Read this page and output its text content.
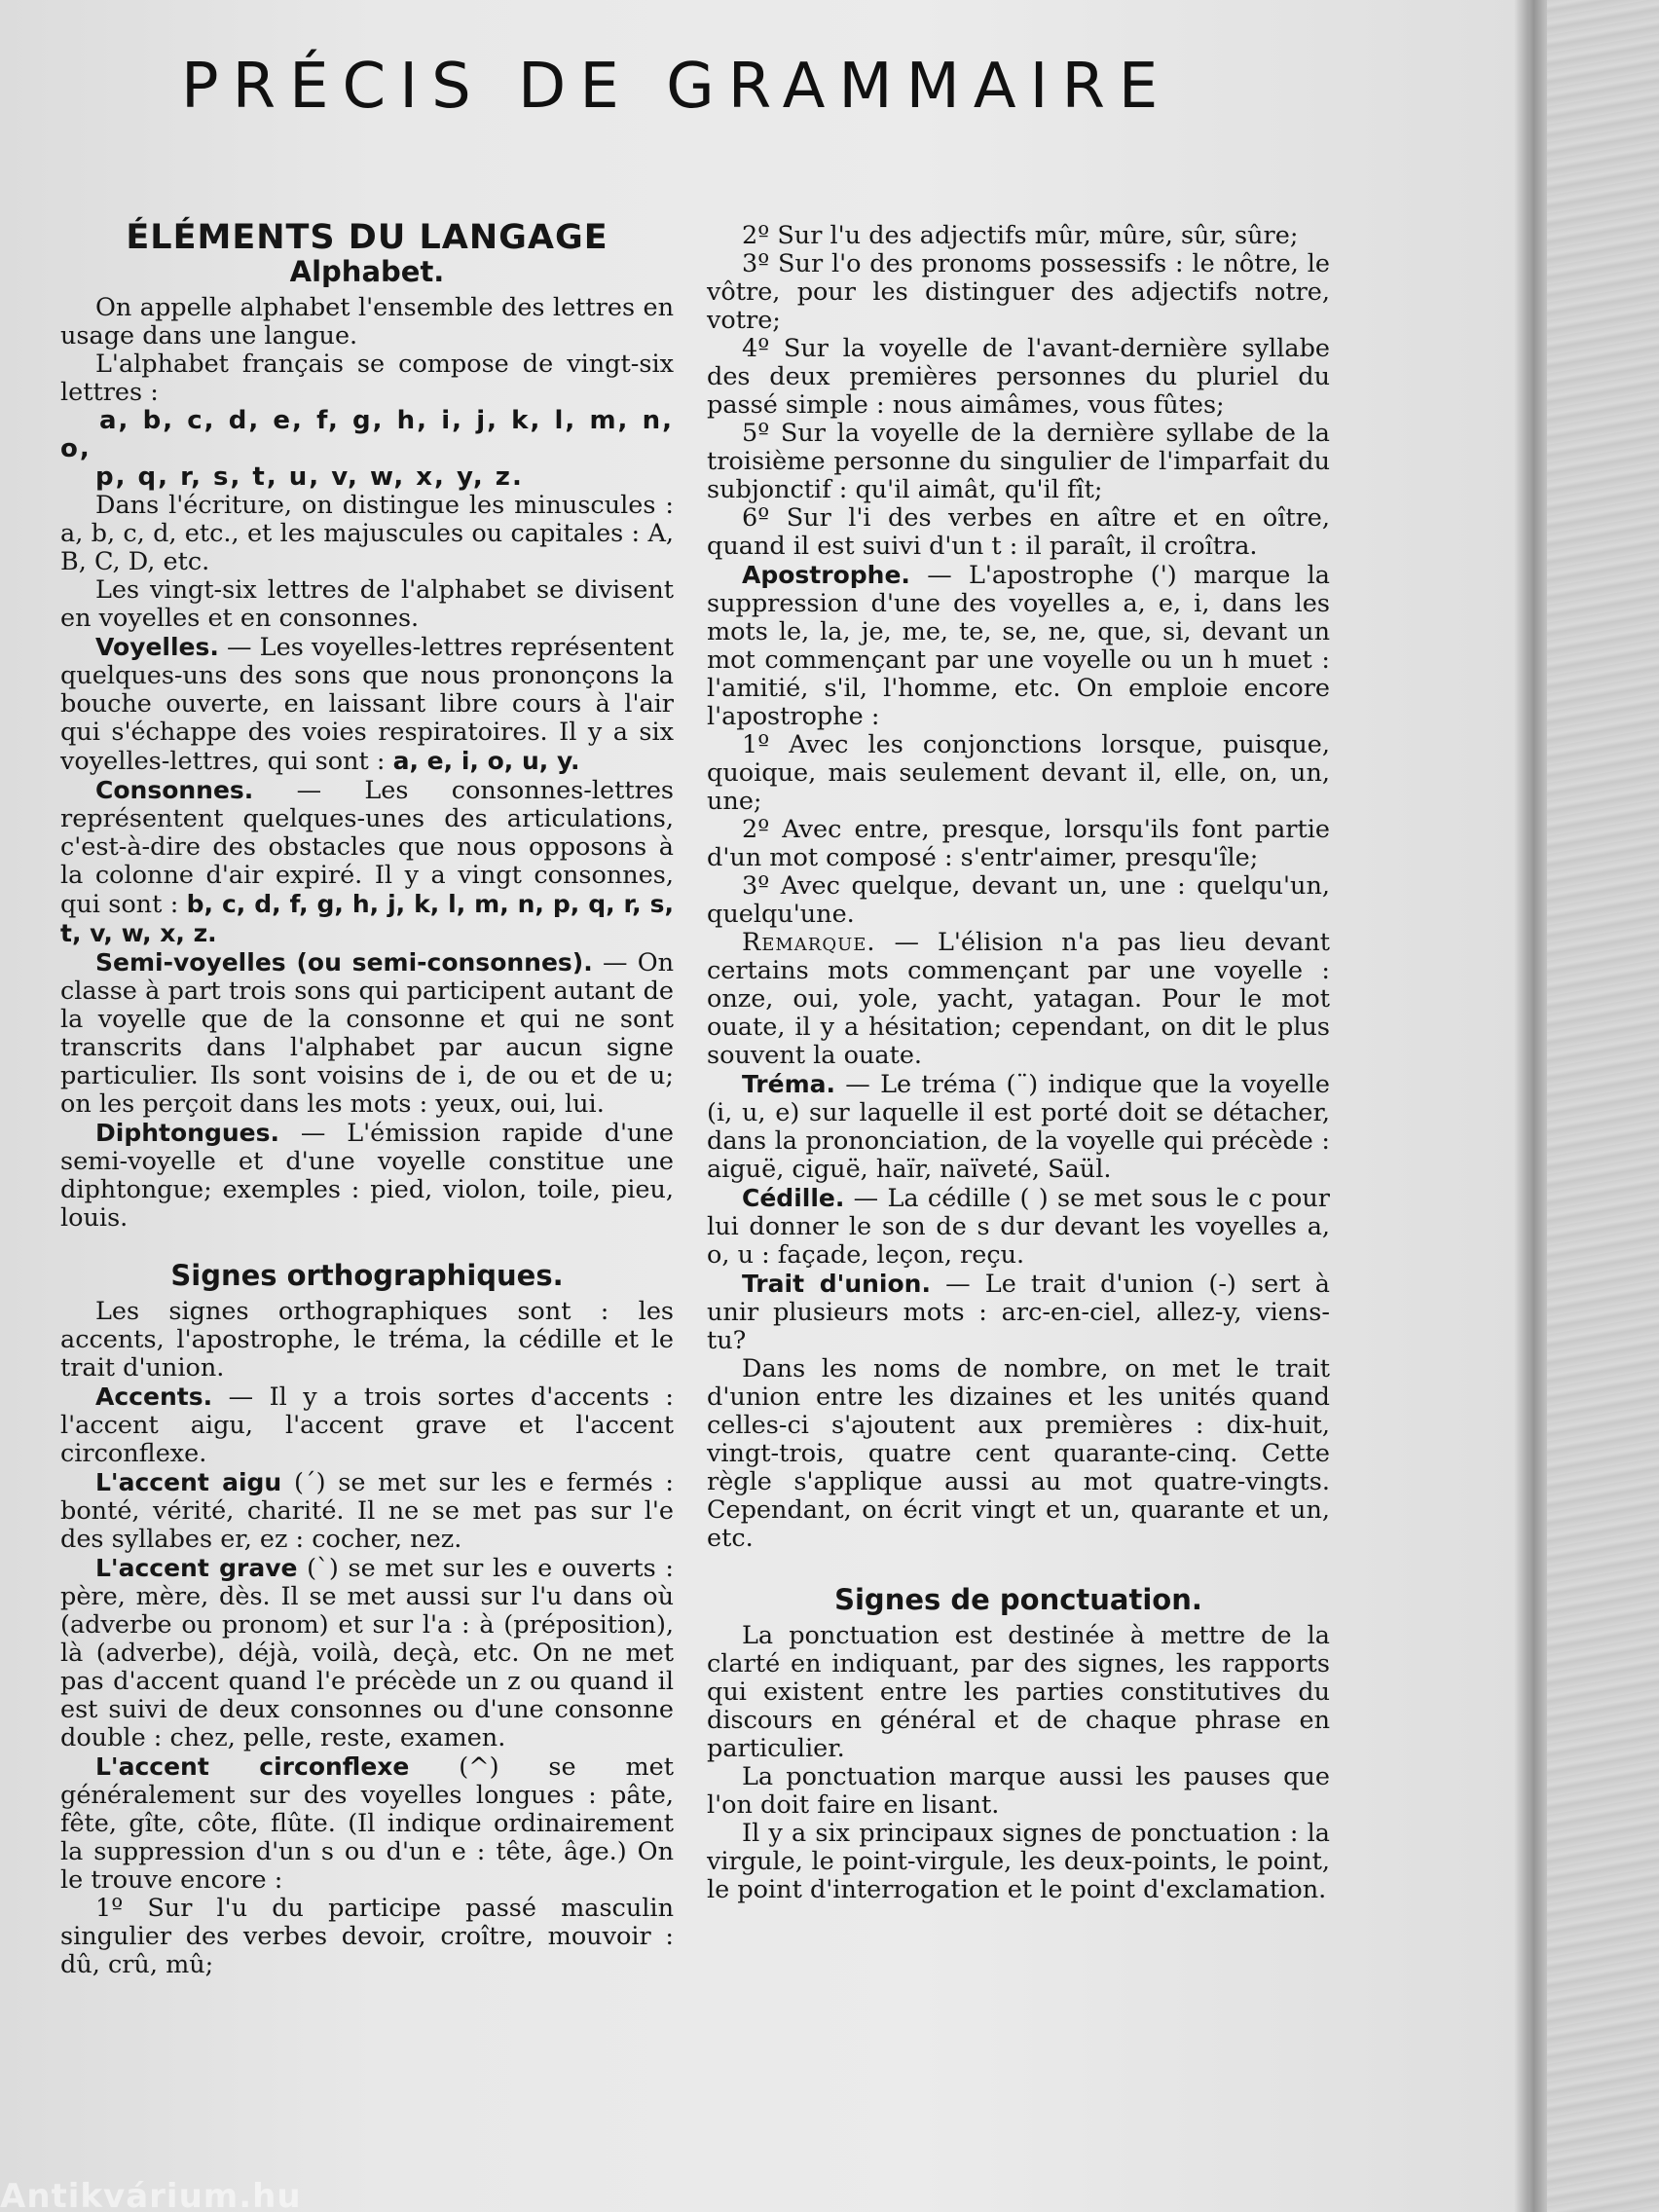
PRÉCIS DE GRAMMAIRE
ÉLÉMENTS DU LANGAGE
Alphabet.

On appelle alphabet l'ensemble des lettres en usage dans une langue.

L'alphabet français se compose de vingt-six lettres :

a, b, c, d, e, f, g, h, i, j, k, l, m, n, o,

p, q, r, s, t, u, v, w, x, y, z.

Dans l'écriture, on distingue les minuscules : a, b, c, d, etc., et les majuscules ou capitales : A, B, C, D, etc.

Les vingt-six lettres de l'alphabet se divisent en voyelles et en consonnes.

Voyelles. — Les voyelles-lettres représentent quelques-uns des sons que nous prononçons la bouche ouverte, en laissant libre cours à l'air qui s'échappe des voies respiratoires. Il y a six voyelles-lettres, qui sont : a, e, i, o, u, y.

Consonnes. — Les consonnes-lettres représentent quelques-unes des articulations, c'est-à-dire des obstacles que nous opposons à la colonne d'air expiré. Il y a vingt consonnes, qui sont : b, c, d, f, g, h, j, k, l, m, n, p, q, r, s, t, v, w, x, z.

Semi-voyelles (ou semi-consonnes). — On classe à part trois sons qui participent autant de la voyelle que de la consonne et qui ne sont transcrits dans l'alphabet par aucun signe particulier. Ils sont voisins de i, de ou et de u; on les perçoit dans les mots : yeux, oui, lui.

Diphtongues. — L'émission rapide d'une semi-voyelle et d'une voyelle constitue une diphtongue; exemples : pied, violon, toile, pieu, louis.

Signes orthographiques.

Les signes orthographiques sont : les accents, l'apostrophe, le tréma, la cédille et le trait d'union.

Accents. — Il y a trois sortes d'accents : l'accent aigu, l'accent grave et l'accent circonflexe.

L'accent aigu (´) se met sur les e fermés : bonté, vérité, charité. Il ne se met pas sur l'e des syllabes er, ez : cocher, nez.

L'accent grave (`) se met sur les e ouverts : père, mère, dès. Il se met aussi sur l'u dans où (adverbe ou pronom) et sur l'a : à (préposition), là (adverbe), déjà, voilà, deçà, etc. On ne met pas d'accent quand l'e précède un z ou quand il est suivi de deux consonnes ou d'une consonne double : chez, pelle, reste, examen.

L'accent circonflexe (^) se met généralement sur des voyelles longues : pâte, fête, gîte, côte, flûte. (Il indique ordinairement la suppression d'un s ou d'un e : tête, âge.) On le trouve encore :

1º Sur l'u du participe passé masculin singulier des verbes devoir, croître, mouvoir : dû, crû, mû;

2º Sur l'u des adjectifs mûr, mûre, sûr, sûre;

3º Sur l'o des pronoms possessifs : le nôtre, le vôtre, pour les distinguer des adjectifs notre, votre;

4º Sur la voyelle de l'avant-dernière syllabe des deux premières personnes du pluriel du passé simple : nous aimâmes, vous fûtes;

5º Sur la voyelle de la dernière syllabe de la troisième personne du singulier de l'imparfait du subjonctif : qu'il aimât, qu'il fît;

6º Sur l'i des verbes en aître et en oître, quand il est suivi d'un t : il paraît, il croîtra.

Apostrophe. — L'apostrophe (') marque la suppression d'une des voyelles a, e, i, dans les mots le, la, je, me, te, se, ne, que, si, devant un mot commençant par une voyelle ou un h muet : l'amitié, s'il, l'homme, etc. On emploie encore l'apostrophe :

1º Avec les conjonctions lorsque, puisque, quoique, mais seulement devant il, elle, on, un, une;

2º Avec entre, presque, lorsqu'ils font partie d'un mot composé : s'entr'aimer, presqu'île;

3º Avec quelque, devant un, une : quelqu'un, quelqu'une.

Remarque. — L'élision n'a pas lieu devant certains mots commençant par une voyelle : onze, oui, yole, yacht, yatagan. Pour le mot ouate, il y a hésitation; cependant, on dit le plus souvent la ouate.

Tréma. — Le tréma (¨) indique que la voyelle (i, u, e) sur laquelle il est porté doit se détacher, dans la prononciation, de la voyelle qui précède : aiguë, ciguë, haïr, naïveté, Saül.

Cédille. — La cédille ( ) se met sous le c pour lui donner le son de s dur devant les voyelles a, o, u : façade, leçon, reçu.

Trait d'union. — Le trait d'union (-) sert à unir plusieurs mots : arc-en-ciel, allez-y, viens-tu?

Dans les noms de nombre, on met le trait d'union entre les dizaines et les unités quand celles-ci s'ajoutent aux premières : dix-huit, vingt-trois, quatre cent quarante-cinq. Cette règle s'applique aussi au mot quatre-vingts. Cependant, on écrit vingt et un, quarante et un, etc.

Signes de ponctuation.

La ponctuation est destinée à mettre de la clarté en indiquant, par des signes, les rapports qui existent entre les parties constitutives du discours en général et de chaque phrase en particulier.

La ponctuation marque aussi les pauses que l'on doit faire en lisant.

Il y a six principaux signes de ponctuation : la virgule, le point-virgule, les deux-points, le point, le point d'interrogation et le point d'exclamation.

Antikvárium.hu
